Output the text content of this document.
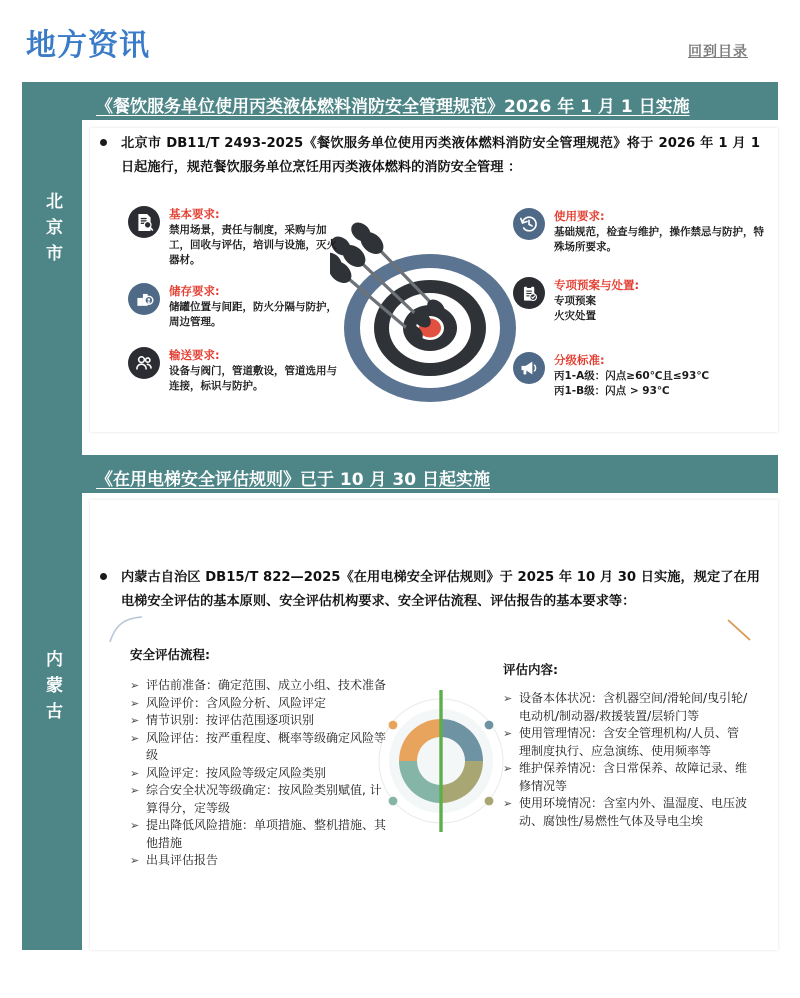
地方资讯	回到目录
北京市
《餐饮服务单位使用丙类液体燃料消防安全管理规范》2026 年 1 月 1 日实施
北京市 DB11/T 2493-2025《餐饮服务单位使用丙类液体燃料消防安全管理规范》将于 2026 年 1 月 1 日起施行，规范餐饮服务单位烹饪用丙类液体燃料的消防安全管理 ：
基本要求:
禁用场景，责任与制度，采购与加工，回收与评估，培训与设施，灭火器材。
储存要求:
储罐位置与间距，防火分隔与防护，周边管理。
输送要求:
设备与阀门，管道敷设，管道选用与连接，标识与防护。
使用要求:
基础规范，检查与维护，操作禁忌与防护，特殊场所要求。
专项预案与处置:
专项预案
火灾处置
分级标准:
丙1-A级：闪点≥60℃且≤93℃
丙1-B级：闪点 > 93℃
内蒙古
《在用电梯安全评估规则》已于 10 月 30 日起实施
内蒙古自治区 DB15/T 822—2025《在用电梯安全评估规则》于 2025 年 10 月 30 日实施，规定了在用电梯安全评估的基本原则、安全评估机构要求、安全评估流程、评估报告的基本要求等：
安全评估流程:
➢ 评估前准备：确定范围、成立小组、技术准备
➢ 风险评价：含风险分析、风险评定
➢ 情节识别：按评估范围逐项识别
➢ 风险评估：按严重程度、概率等级确定风险等级
➢ 风险评定：按风险等级定风险类别
➢ 综合安全状况等级确定：按风险类别赋值, 计算得分，定等级
➢ 提出降低风险措施：单项措施、整机措施、其他措施
➢ 出具评估报告
评估内容:
➢ 设备本体状况：含机器空间/滑轮间/曳引轮/电动机/制动器/救援装置/层轿门等
➢ 使用管理情况：含安全管理机构/人员、管理制度执行、应急演练、使用频率等
➢ 维护保养情况：含日常保养、故障记录、维修情况等
➢ 使用环境情况：含室内外、温湿度、电压波动、腐蚀性/易燃性气体及导电尘埃
